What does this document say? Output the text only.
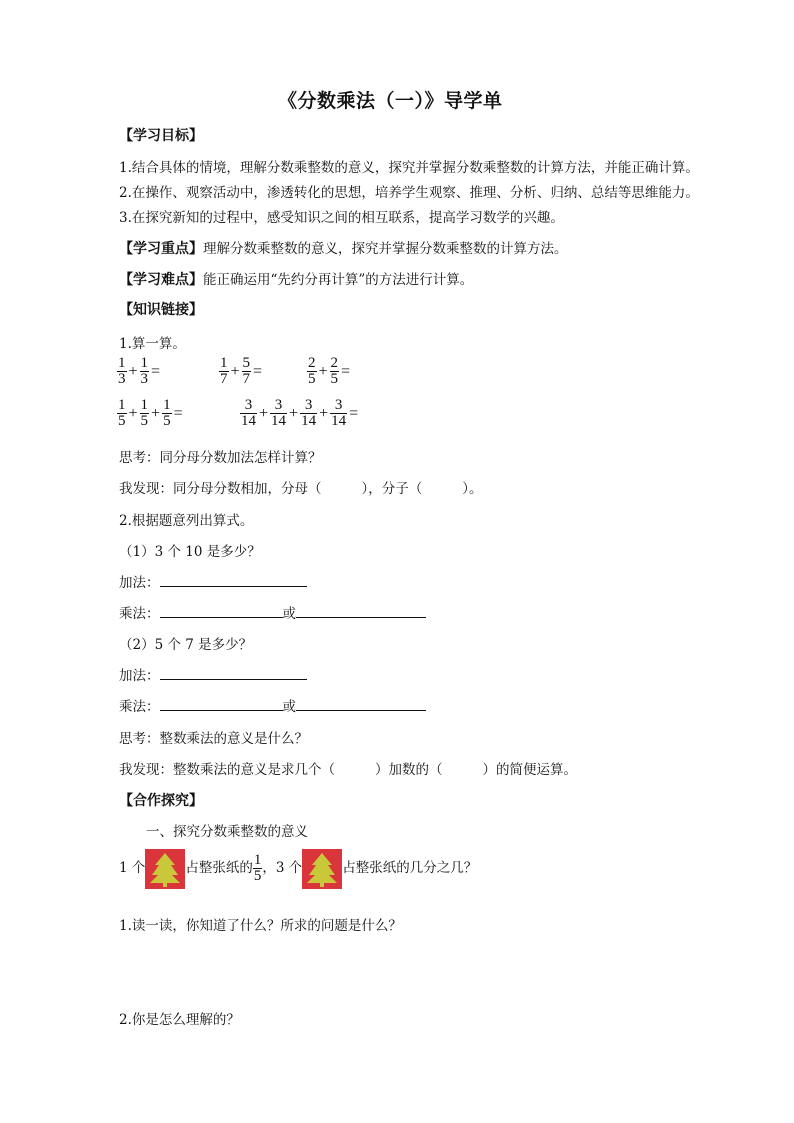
《分数乘法（一）》导学单
【学习目标】
1.结合具体的情境，理解分数乘整数的意义，探究并掌握分数乘整数的计算方法，并能正确计算。
2.在操作、观察活动中，渗透转化的思想，培养学生观察、推理、分析、归纳、总结等思维能力。
3.在探究新知的过程中，感受知识之间的相互联系，提高学习数学的兴趣。
【学习重点】理解分数乘整数的意义，探究并掌握分数乘整数的计算方法。
【学习难点】能正确运用“先约分再计算”的方法进行计算。
【知识链接】
1.算一算。
$\frac{1}{3} + \frac{1}{3}$ =	$\frac{1}{7} + \frac{5}{7}$ =	$\frac{2}{5} + \frac{2}{5}$ =
$\frac{1}{5} + \frac{1}{5} + \frac{1}{5}$ =	$\frac{3}{14} + \frac{3}{14} + \frac{3}{14} + \frac{3}{14}$ =
思考：同分母分数加法怎样计算？
我发现：同分母分数相加，分母（	），分子（	）。
2.根据题意列出算式。
（1）3 个 10 是多少？
加法：
乘法：	或
（2）5 个 7 是多少？
加法：
乘法：	或
思考：整数乘法的意义是什么？
我发现：整数乘法的意义是求几个（	）加数的（	）的简便运算。
【合作探究】
一、探究分数乘整数的意义
1 个	占整张纸的 $\frac{1}{5}$ ，3 个	占整张纸的几分之几？
1.读一读，你知道了什么？所求的问题是什么？
2.你是怎么理解的？
